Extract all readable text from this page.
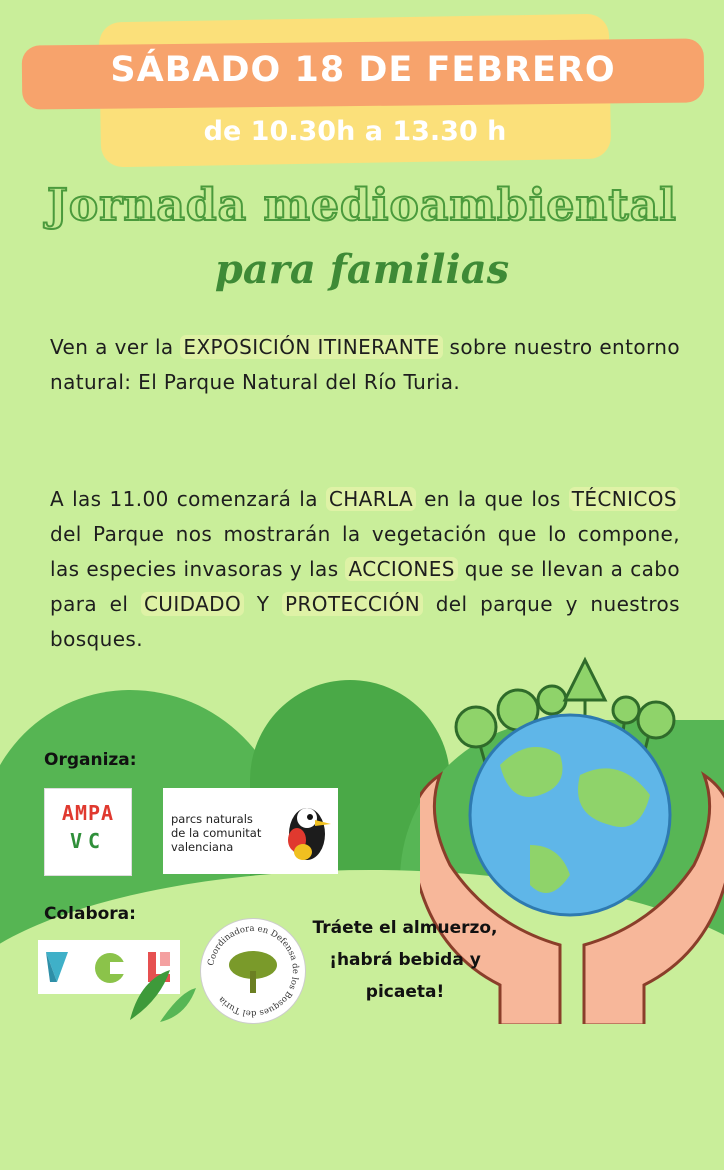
SÁBADO 18 DE FEBRERO
de 10.30h a 13.30 h
Jornada medioambiental
para familias
Ven a ver la EXPOSICIÓN ITINERANTE sobre nuestro entorno natural: El Parque Natural del Río Turia.
A las 11.00 comenzará la CHARLA en la que los TÉCNICOS del Parque nos mostrarán la vegetación que lo compone, las especies invasoras y las ACCIONES que se llevan a cabo para el CUIDADO Y PROTECCIÓN del parque y nuestros bosques.
Organiza:
AMPA
VC
parcs naturals
de la comunitat
valenciana
Colabora:
Coordinadora en Defensa de los Bosques del Turia
Tráete el almuerzo,
¡habrá bebida y
picaeta!
